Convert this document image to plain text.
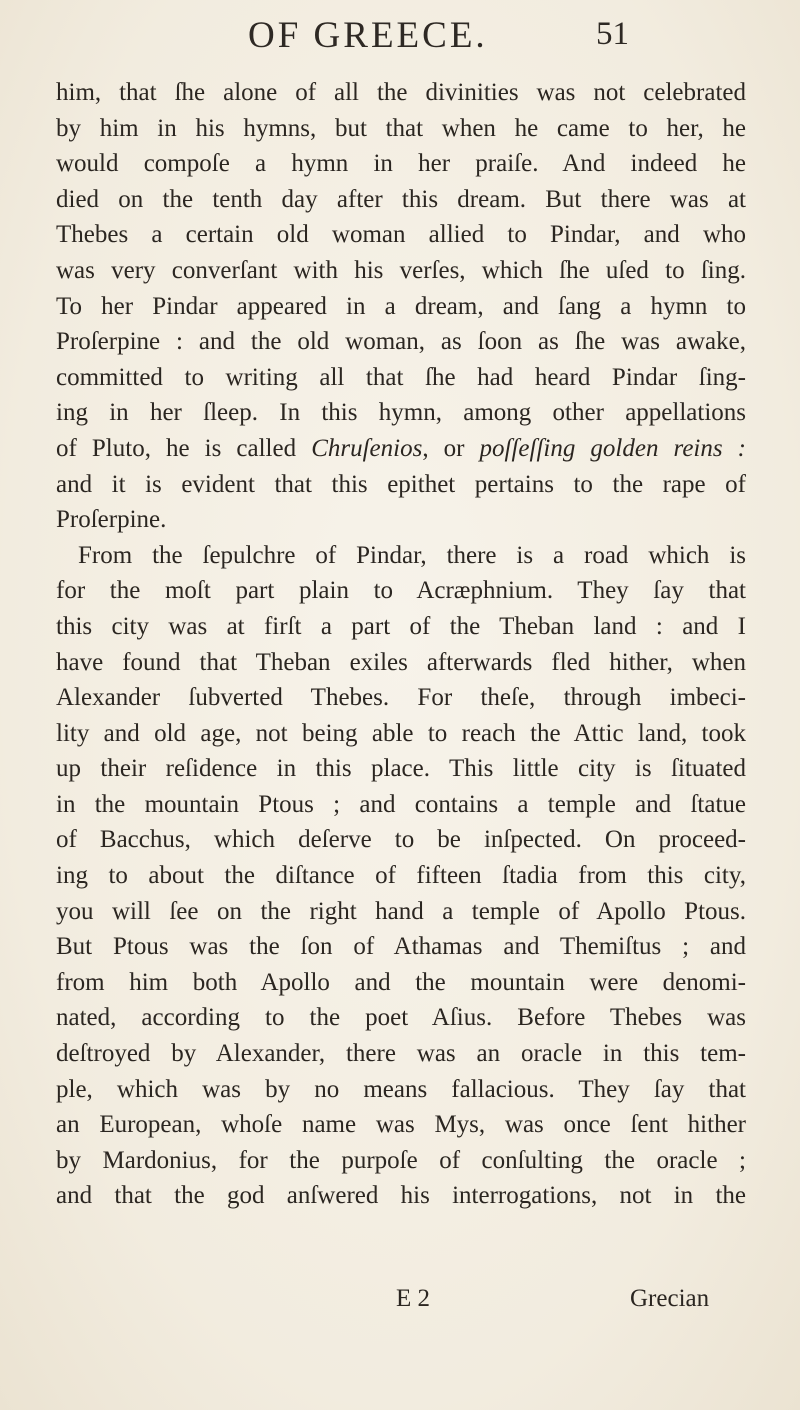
OF GREECE.	51
him, that ſhe alone of all the divinities was not celebrated
by him in his hymns, but that when he came to her, he
would compoſe a hymn in her praiſe. And indeed he
died on the tenth day after this dream. But there was at
Thebes a certain old woman allied to Pindar, and who
was very converſant with his verſes, which ſhe uſed to ſing.
To her Pindar appeared in a dream, and ſang a hymn to
Proſerpine : and the old woman, as ſoon as ſhe was awake,
committed to writing all that ſhe had heard Pindar ſing-
ing in her ſleep. In this hymn, among other appellations
of Pluto, he is called Chruſenios, or poſſeſſing golden reins :
and it is evident that this epithet pertains to the rape of
Proſerpine.
From the ſepulchre of Pindar, there is a road which is
for the moſt part plain to Acræphnium. They ſay that
this city was at firſt a part of the Theban land : and I
have found that Theban exiles afterwards fled hither, when
Alexander ſubverted Thebes. For theſe, through imbeci-
lity and old age, not being able to reach the Attic land, took
up their reſidence in this place. This little city is ſituated
in the mountain Ptous ; and contains a temple and ſtatue
of Bacchus, which deſerve to be inſpected. On proceed-
ing to about the diſtance of fifteen ſtadia from this city,
you will ſee on the right hand a temple of Apollo Ptous.
But Ptous was the ſon of Athamas and Themiſtus ; and
from him both Apollo and the mountain were denomi-
nated, according to the poet Aſius. Before Thebes was
deſtroyed by Alexander, there was an oracle in this tem-
ple, which was by no means fallacious. They ſay that
an European, whoſe name was Mys, was once ſent hither
by Mardonius, for the purpoſe of conſulting the oracle ;
and that the god anſwered his interrogations, not in the
E 2	Grecian
